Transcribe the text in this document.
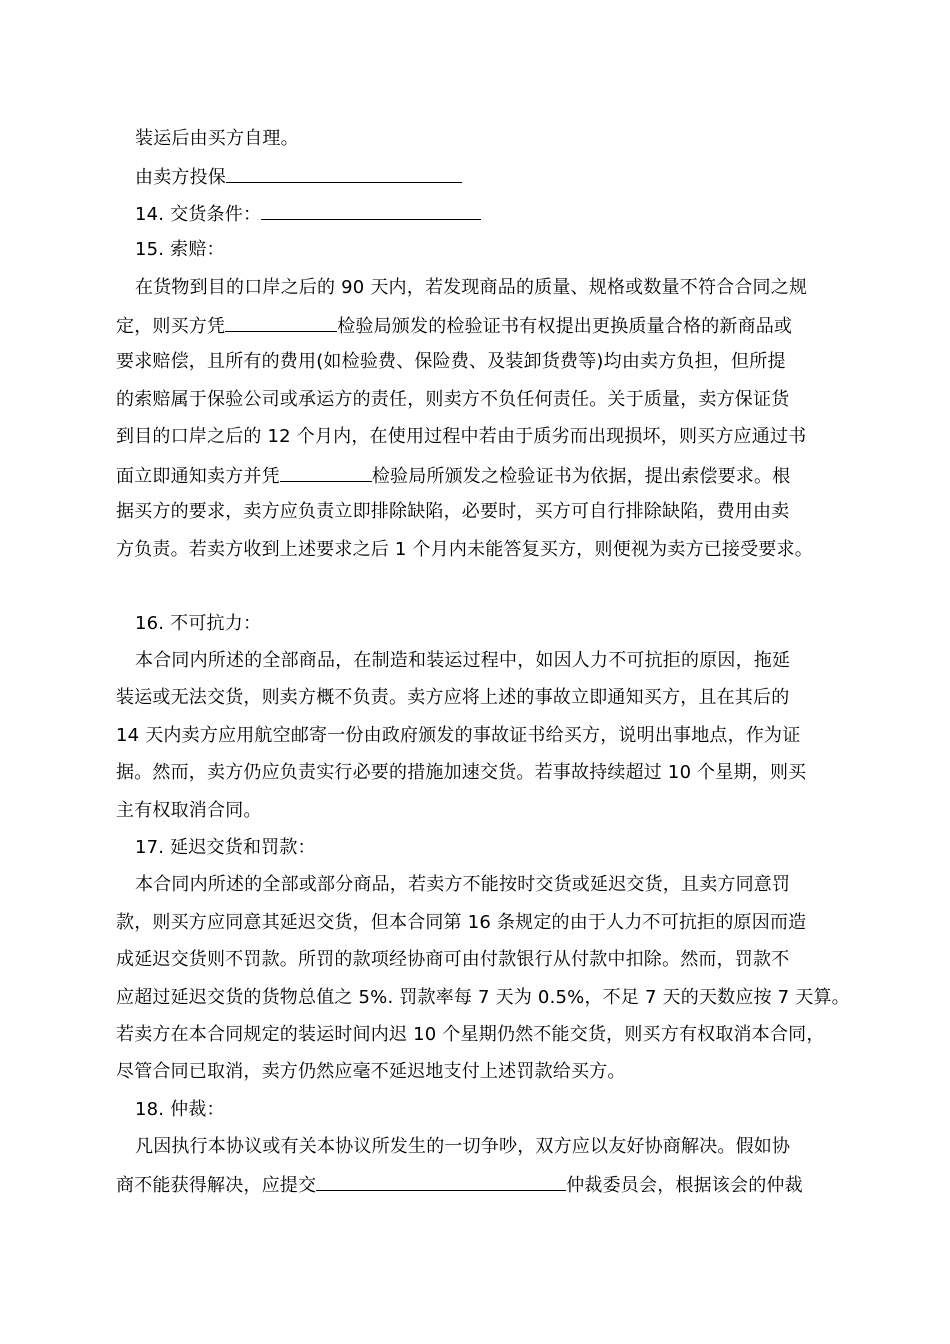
装运后由买方自理。
由卖方投保
14. 交货条件：
15. 索赔：
在货物到目的口岸之后的 90 天内，若发现商品的质量、规格或数量不符合合同之规
定，则买方凭	检验局颁发的检验证书有权提出更换质量合格的新商品或
要求赔偿，且所有的费用(如检验费、保险费、及装卸货费等)均由卖方负担，但所提
的索赔属于保验公司或承运方的责任，则卖方不负任何责任。关于质量，卖方保证货
到目的口岸之后的 12 个月内，在使用过程中若由于质劣而出现损坏，则买方应通过书
面立即通知卖方并凭	检验局所颁发之检验证书为依据，提出索偿要求。根
据买方的要求，卖方应负责立即排除缺陷，必要时，买方可自行排除缺陷，费用由卖
方负责。若卖方收到上述要求之后 1 个月内未能答复买方，则便视为卖方已接受要求。
16. 不可抗力：
本合同内所述的全部商品，在制造和装运过程中，如因人力不可抗拒的原因，拖延
装运或无法交货，则卖方概不负责。卖方应将上述的事故立即通知买方，且在其后的
14 天内卖方应用航空邮寄一份由政府颁发的事故证书给买方，说明出事地点，作为证
据。然而，卖方仍应负责实行必要的措施加速交货。若事故持续超过 10 个星期，则买
主有权取消合同。
17. 延迟交货和罚款：
本合同内所述的全部或部分商品，若卖方不能按时交货或延迟交货，且卖方同意罚
款，则买方应同意其延迟交货，但本合同第 16 条规定的由于人力不可抗拒的原因而造
成延迟交货则不罚款。所罚的款项经协商可由付款银行从付款中扣除。然而，罚款不
应超过延迟交货的货物总值之 5%. 罚款率每 7 天为 0.5%，不足 7 天的天数应按 7 天算。
若卖方在本合同规定的装运时间内迟 10 个星期仍然不能交货，则买方有权取消本合同，
尽管合同已取消，卖方仍然应毫不延迟地支付上述罚款给买方。
18. 仲裁：
凡因执行本协议或有关本协议所发生的一切争吵，双方应以友好协商解决。假如协
商不能获得解决，应提交	仲裁委员会，根据该会的仲裁
